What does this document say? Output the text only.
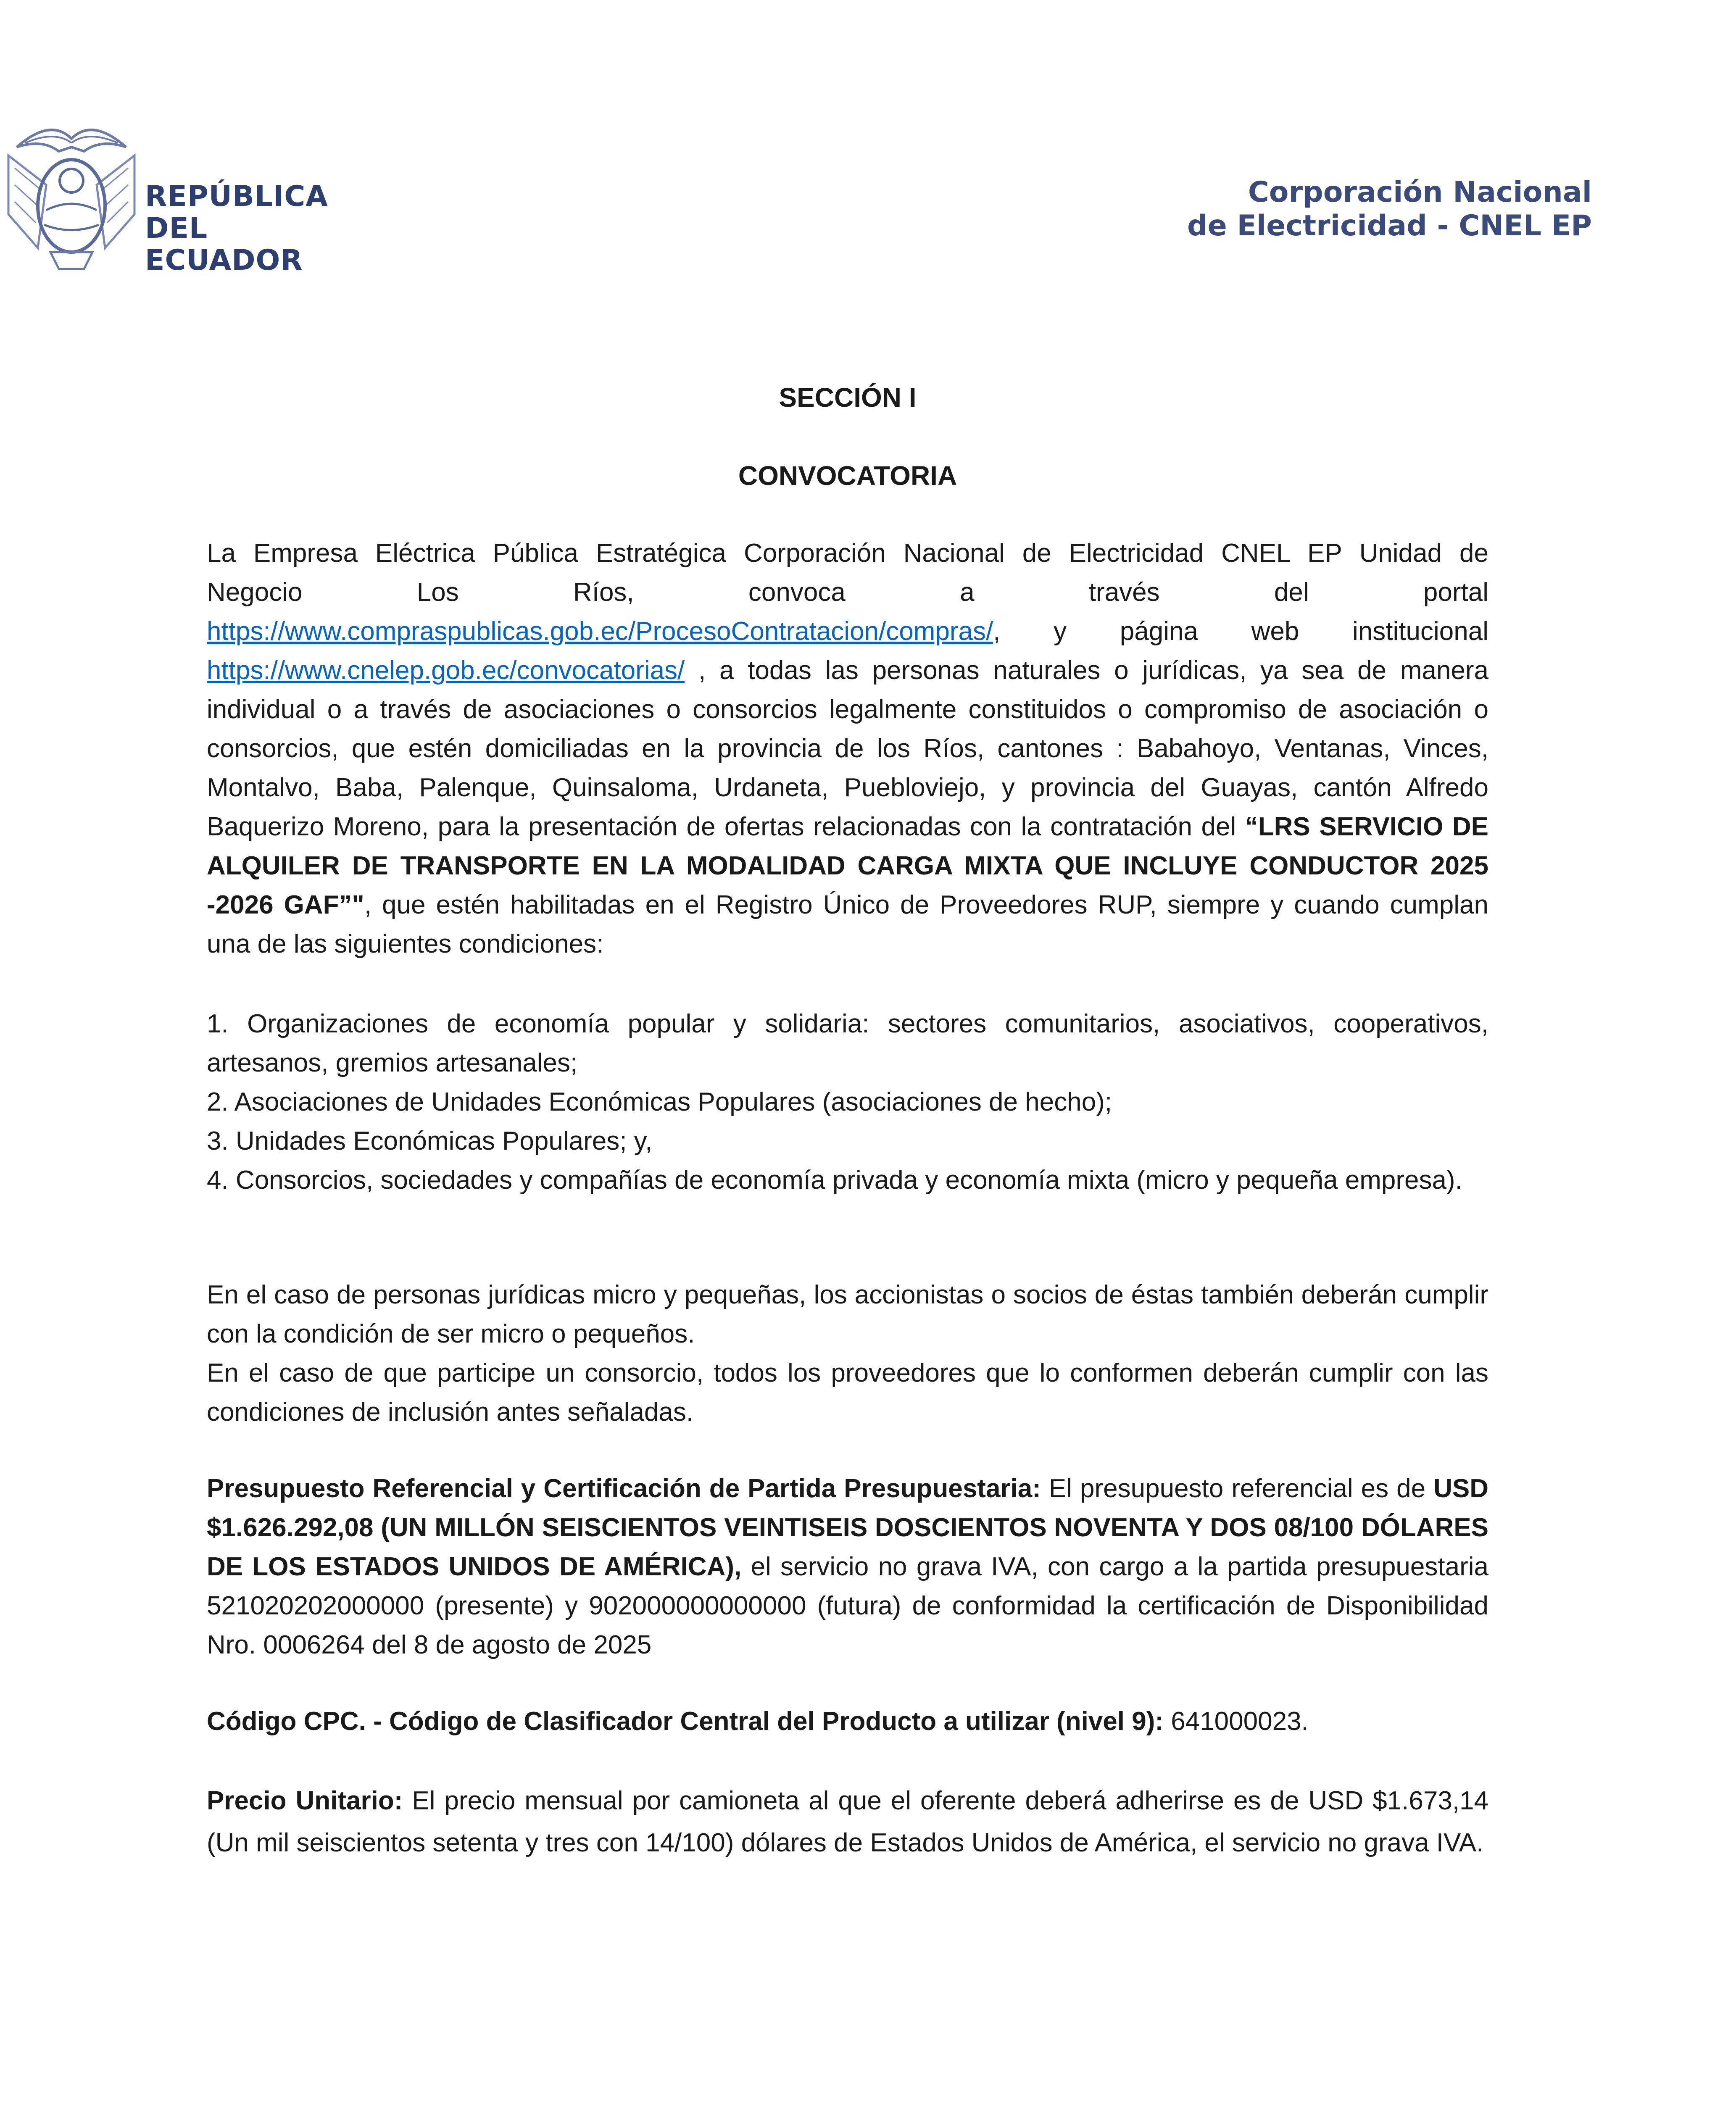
REPÚBLICA
DEL ECUADOR
Corporación Nacional
de Electricidad - CNEL EP
SECCIÓN I
CONVOCATORIA
La Empresa Eléctrica Pública Estratégica Corporación Nacional de Electricidad CNEL EP Unidad de
Negocio Los Ríos, convoca a través del portal
https://www.compraspublicas.gob.ec/ProcesoContratacion/compras/, y página web institucional https://www.cnelep.gob.ec/convocatorias/ , a todas las personas naturales o jurídicas, ya sea de manera individual o a través de asociaciones o consorcios legalmente constituidos o compromiso de asociación o consorcios, que estén domiciliadas en la provincia de los Ríos, cantones : Babahoyo, Ventanas, Vinces, Montalvo, Baba, Palenque, Quinsaloma, Urdaneta, Puebloviejo, y provincia del Guayas, cantón Alfredo Baquerizo Moreno, para la presentación de ofertas relacionadas con la contratación del “LRS SERVICIO DE ALQUILER DE TRANSPORTE EN LA MODALIDAD CARGA MIXTA QUE INCLUYE CONDUCTOR 2025 -2026 GAF”", que estén habilitadas en el Registro Único de Proveedores RUP, siempre y cuando cumplan una de las siguientes condiciones:
1. Organizaciones de economía popular y solidaria: sectores comunitarios, asociativos, cooperativos, artesanos, gremios artesanales;
2. Asociaciones de Unidades Económicas Populares (asociaciones de hecho);
3. Unidades Económicas Populares; y,
4. Consorcios, sociedades y compañías de economía privada y economía mixta (micro y pequeña empresa).
En el caso de personas jurídicas micro y pequeñas, los accionistas o socios de éstas también deberán cumplir con la condición de ser micro o pequeños.
En el caso de que participe un consorcio, todos los proveedores que lo conformen deberán cumplir con las condiciones de inclusión antes señaladas.
Presupuesto Referencial y Certificación de Partida Presupuestaria: El presupuesto referencial es de USD $1.626.292,08 (UN MILLÓN SEISCIENTOS VEINTISEIS DOSCIENTOS NOVENTA Y DOS 08/100 DÓLARES DE LOS ESTADOS UNIDOS DE AMÉRICA), el servicio no grava IVA, con cargo a la partida presupuestaria 521020202000000 (presente) y 902000000000000 (futura) de conformidad la certificación de Disponibilidad Nro. 0006264 del 8 de agosto de 2025
Código CPC. - Código de Clasificador Central del Producto a utilizar (nivel 9): 641000023.
Precio Unitario: El precio mensual por camioneta al que el oferente deberá adherirse es de USD $1.673,14 (Un mil seiscientos setenta y tres con 14/100) dólares de Estados Unidos de América, el servicio no grava IVA.
